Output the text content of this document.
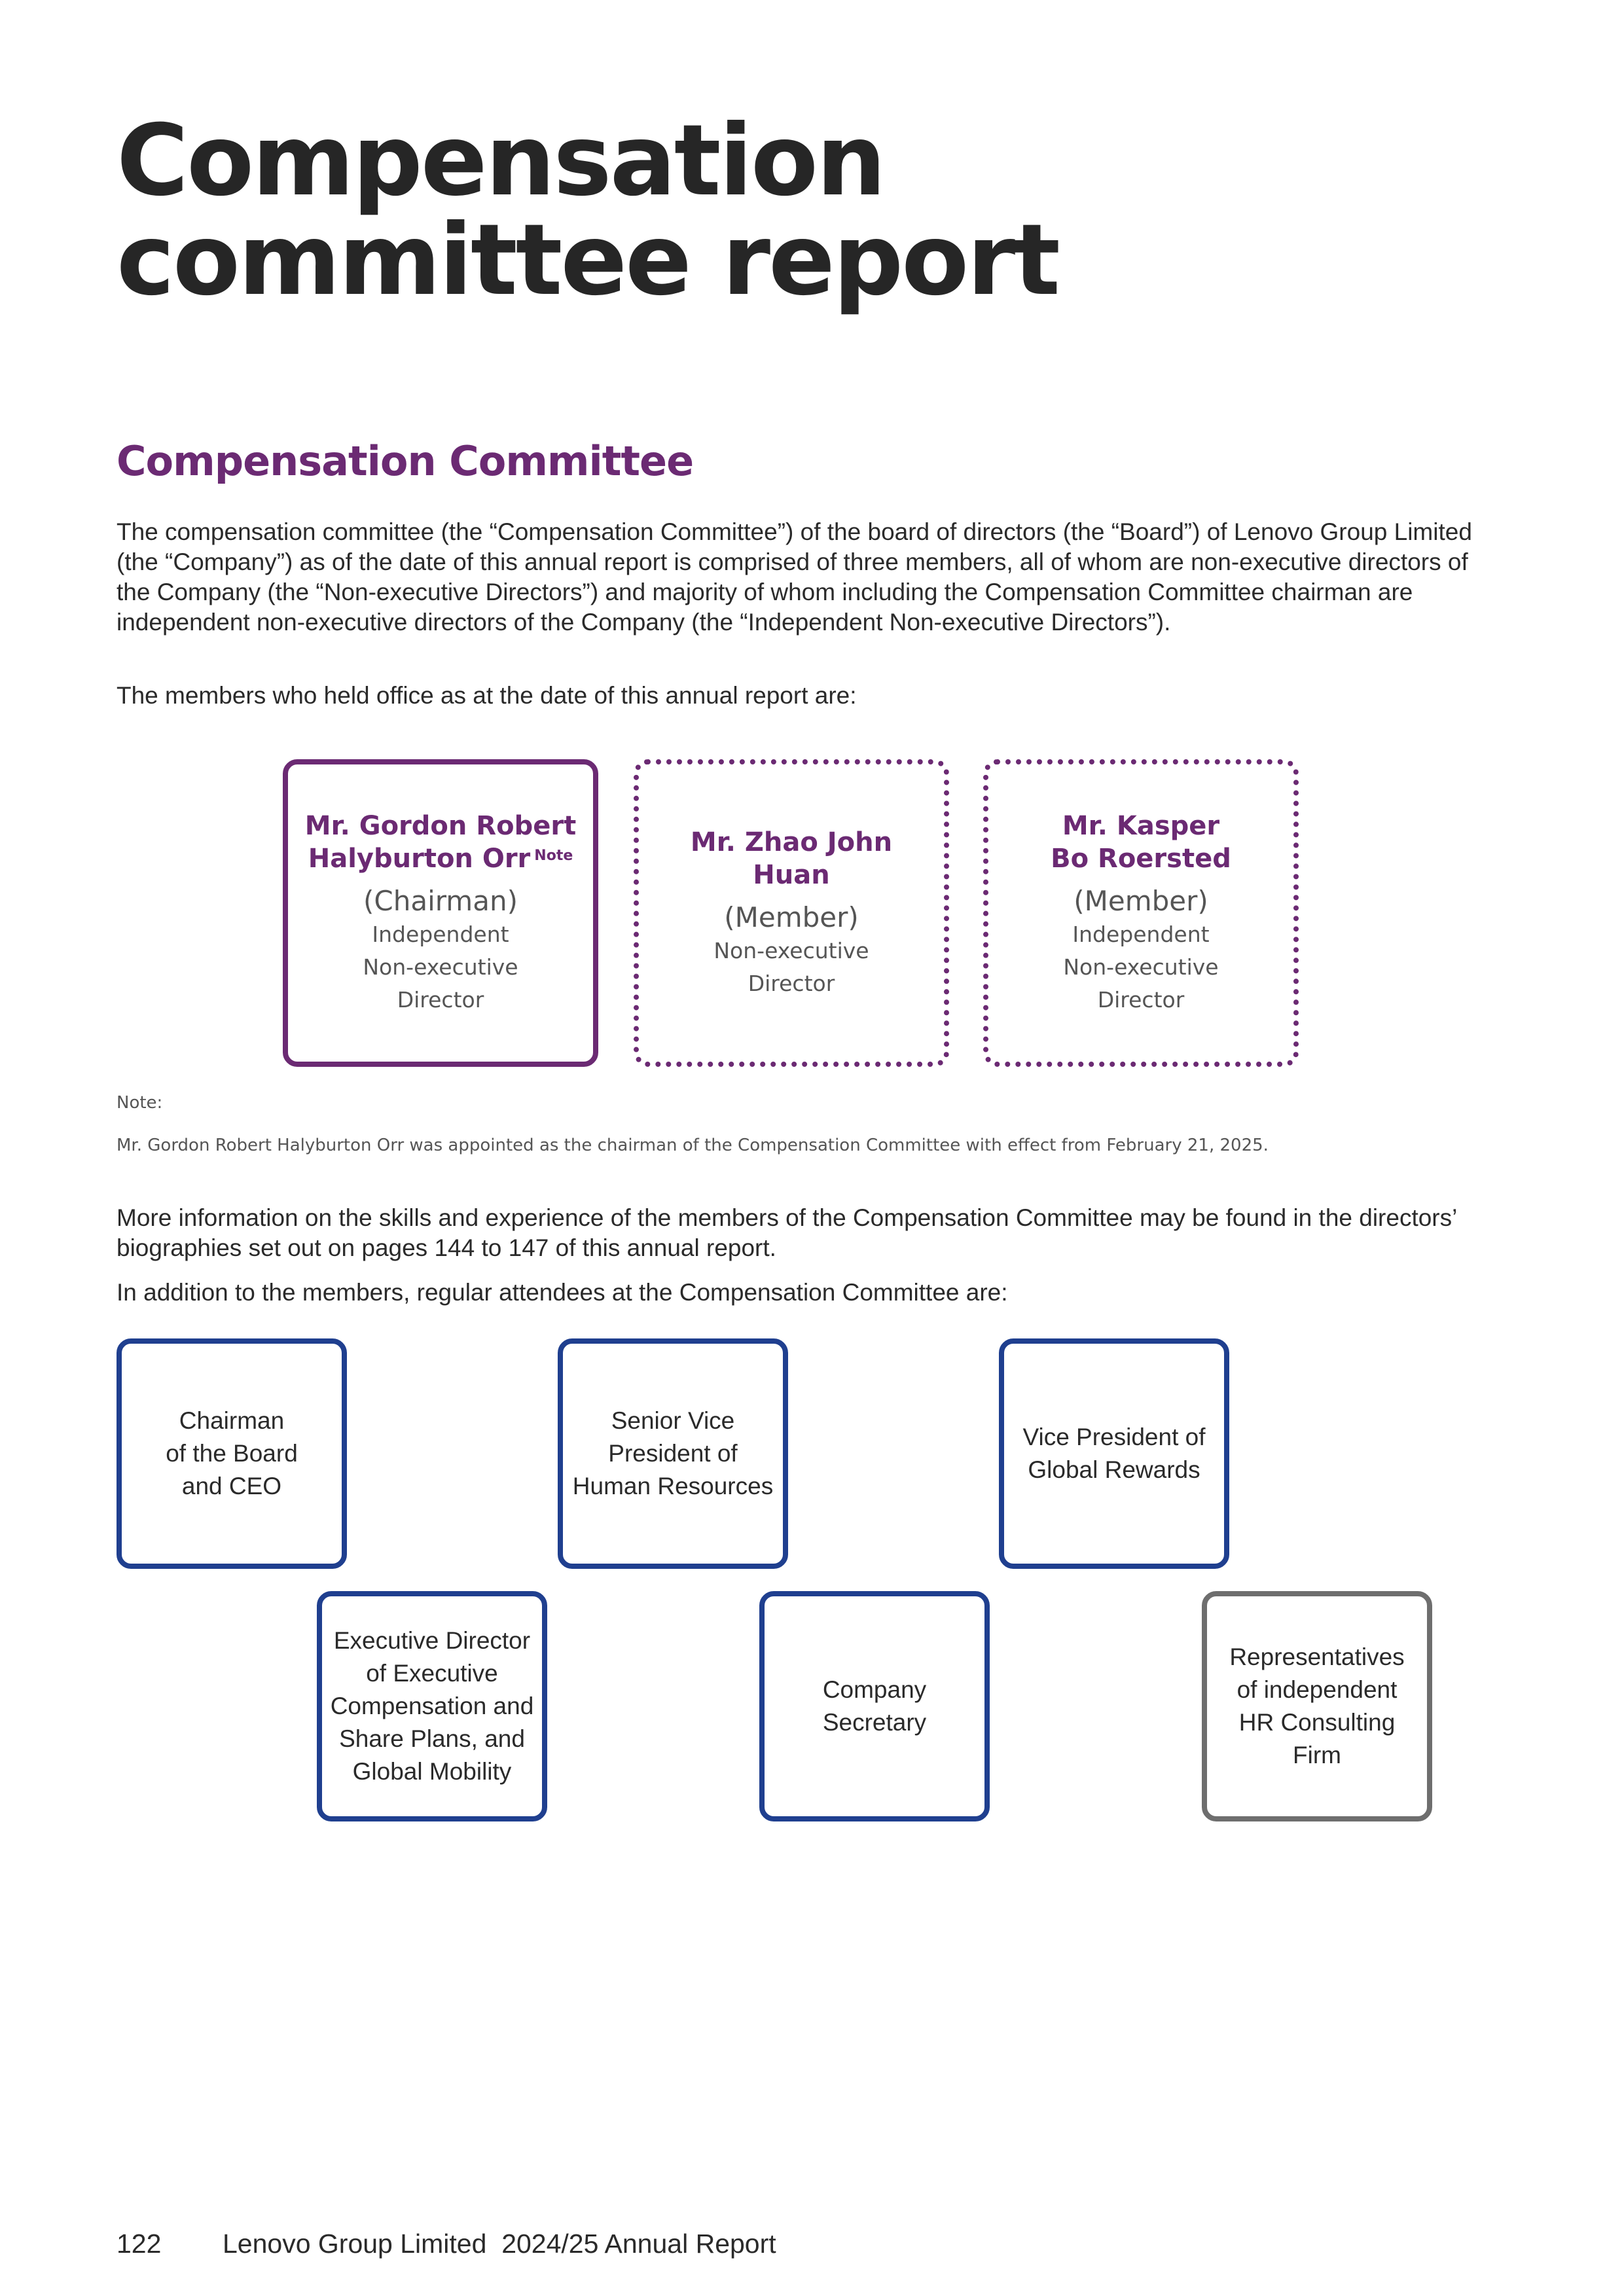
Compensation
committee report
Compensation Committee

The compensation committee (the “Compensation Committee”) of the board of directors (the “Board”) of Lenovo Group Limited (the “Company”) as of the date of this annual report is comprised of three members, all of whom are non-executive directors of the Company (the “Non-executive Directors”) and majority of whom including the Compensation Committee chairman are independent non-executive directors of the Company (the “Independent Non-executive Directors”).

The members who held office as at the date of this annual report are:

Mr. Gordon Robert
Halyburton Orr $^{Note}$
(Chairman)
Independent
Non-executive
Director
Mr. Zhao John
Huan
(Member)
Non-executive
Director
Mr. Kasper
Bo Roersted
(Member)
Independent
Non-executive
Director

Note:

Mr. Gordon Robert Halyburton Orr was appointed as the chairman of the Compensation Committee with effect from February 21, 2025.

More information on the skills and experience of the members of the Compensation Committee may be found in the directors’ biographies set out on pages 144 to 147 of this annual report.

In addition to the members, regular attendees at the Compensation Committee are:

Chairman
of the Board
and CEO
Senior Vice
President of
Human Resources
Vice President of
Global Rewards
Executive Director
of Executive
Compensation and
Share Plans, and
Global Mobility
Company
Secretary
Representatives
of independent
HR Consulting
Firm

122 Lenovo Group Limited  2024/25 Annual Report
